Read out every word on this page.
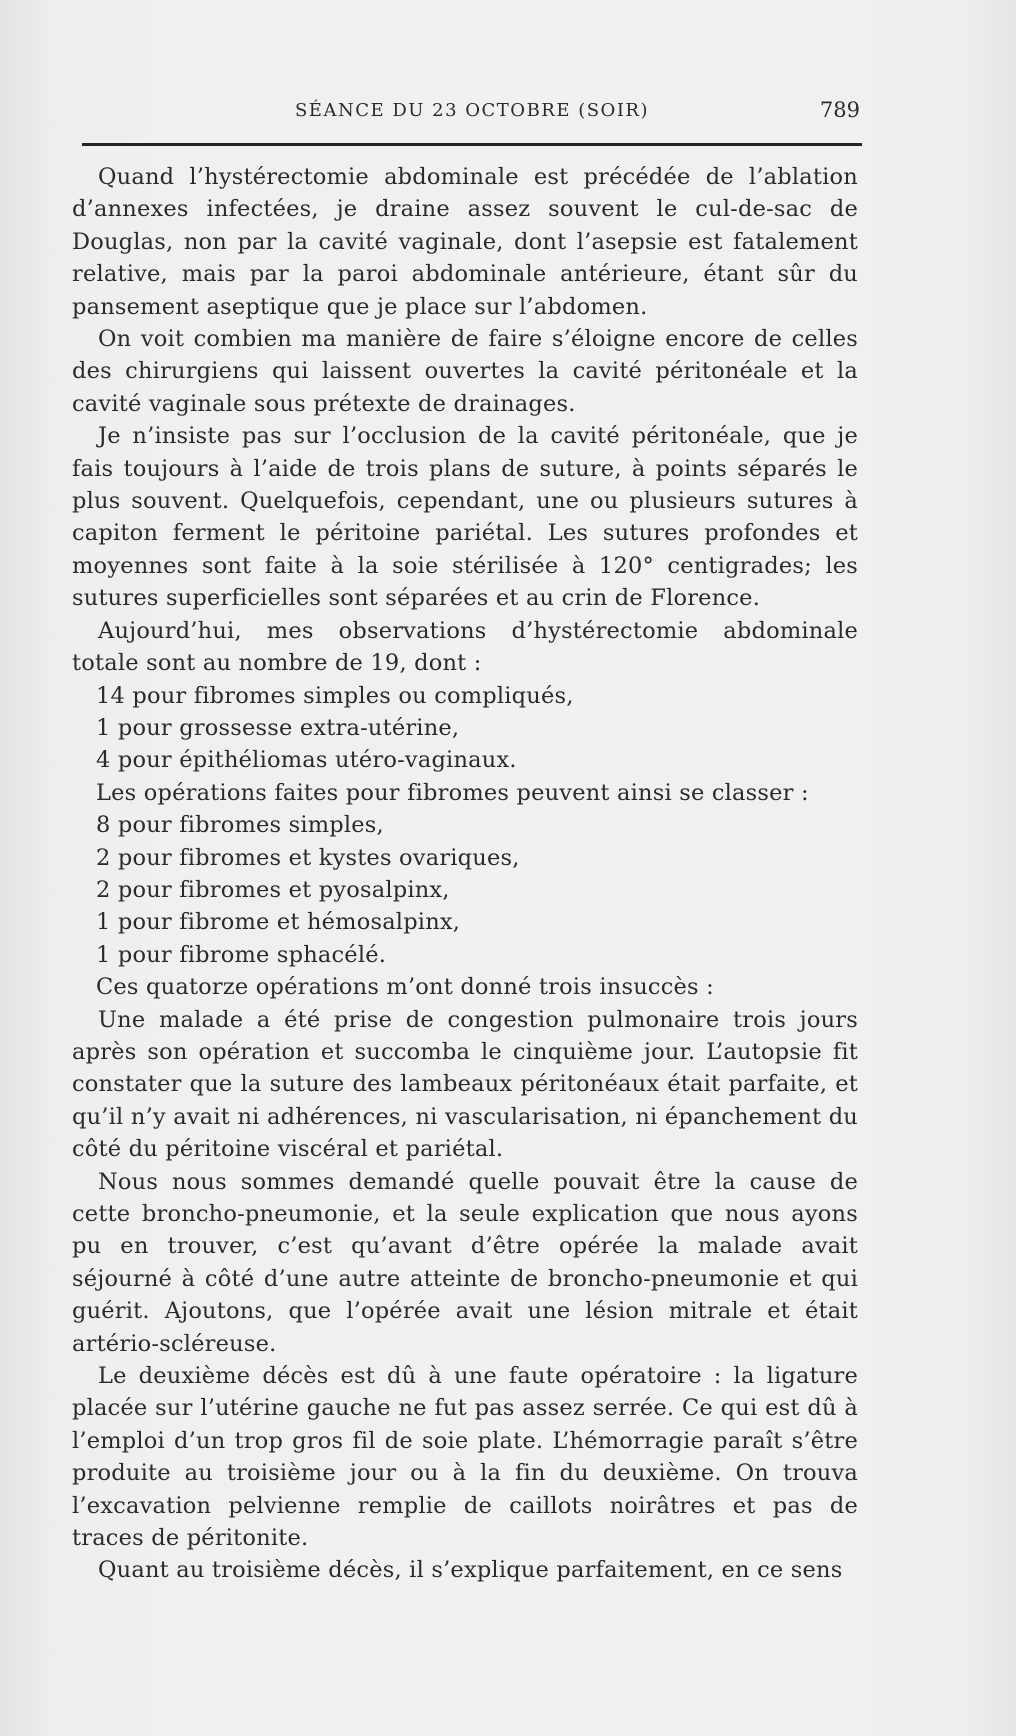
SÉANCE DU 23 OCTOBRE (SOIR)	789

Quand l’hystérectomie abdominale est précédée de l’ablation d’annexes infectées, je draine assez souvent le cul-de-sac de Douglas, non par la cavité vaginale, dont l’asepsie est fatalement relative, mais par la paroi abdominale antérieure, étant sûr du pansement aseptique que je place sur l’abdomen.

On voit combien ma manière de faire s’éloigne encore de celles des chirurgiens qui laissent ouvertes la cavité péritonéale et la cavité vaginale sous prétexte de drainages.

Je n’insiste pas sur l’occlusion de la cavité péritonéale, que je fais toujours à l’aide de trois plans de suture, à points séparés le plus souvent. Quelquefois, cependant, une ou plusieurs sutures à capiton ferment le péritoine pariétal. Les sutures profondes et moyennes sont faite à la soie stérilisée à 120° centigrades; les sutures superficielles sont séparées et au crin de Florence.

Aujourd’hui, mes observations d’hystérectomie abdominale totale sont au nombre de 19, dont :

14 pour fibromes simples ou compliqués,

1 pour grossesse extra-utérine,

4 pour épithéliomas utéro-vaginaux.

Les opérations faites pour fibromes peuvent ainsi se classer :

8 pour fibromes simples,

2 pour fibromes et kystes ovariques,

2 pour fibromes et pyosalpinx,

1 pour fibrome et hémosalpinx,

1 pour fibrome sphacélé.

Ces quatorze opérations m’ont donné trois insuccès :

Une malade a été prise de congestion pulmonaire trois jours après son opération et succomba le cinquième jour. L’autopsie fit constater que la suture des lambeaux péritonéaux était parfaite, et qu’il n’y avait ni adhérences, ni vascularisation, ni épanchement du côté du péritoine viscéral et pariétal.

Nous nous sommes demandé quelle pouvait être la cause de cette broncho-pneumonie, et la seule explication que nous ayons pu en trouver, c’est qu’avant d’être opérée la malade avait séjourné à côté d’une autre atteinte de broncho-pneumonie et qui guérit. Ajoutons, que l’opérée avait une lésion mitrale et était artério-scléreuse.

Le deuxième décès est dû à une faute opératoire : la ligature placée sur l’utérine gauche ne fut pas assez serrée. Ce qui est dû à l’emploi d’un trop gros fil de soie plate. L’hémorragie paraît s’être produite au troisième jour ou à la fin du deuxième. On trouva l’excavation pelvienne remplie de caillots noirâtres et pas de traces de péritonite.

Quant au troisième décès, il s’explique parfaitement, en ce sens
